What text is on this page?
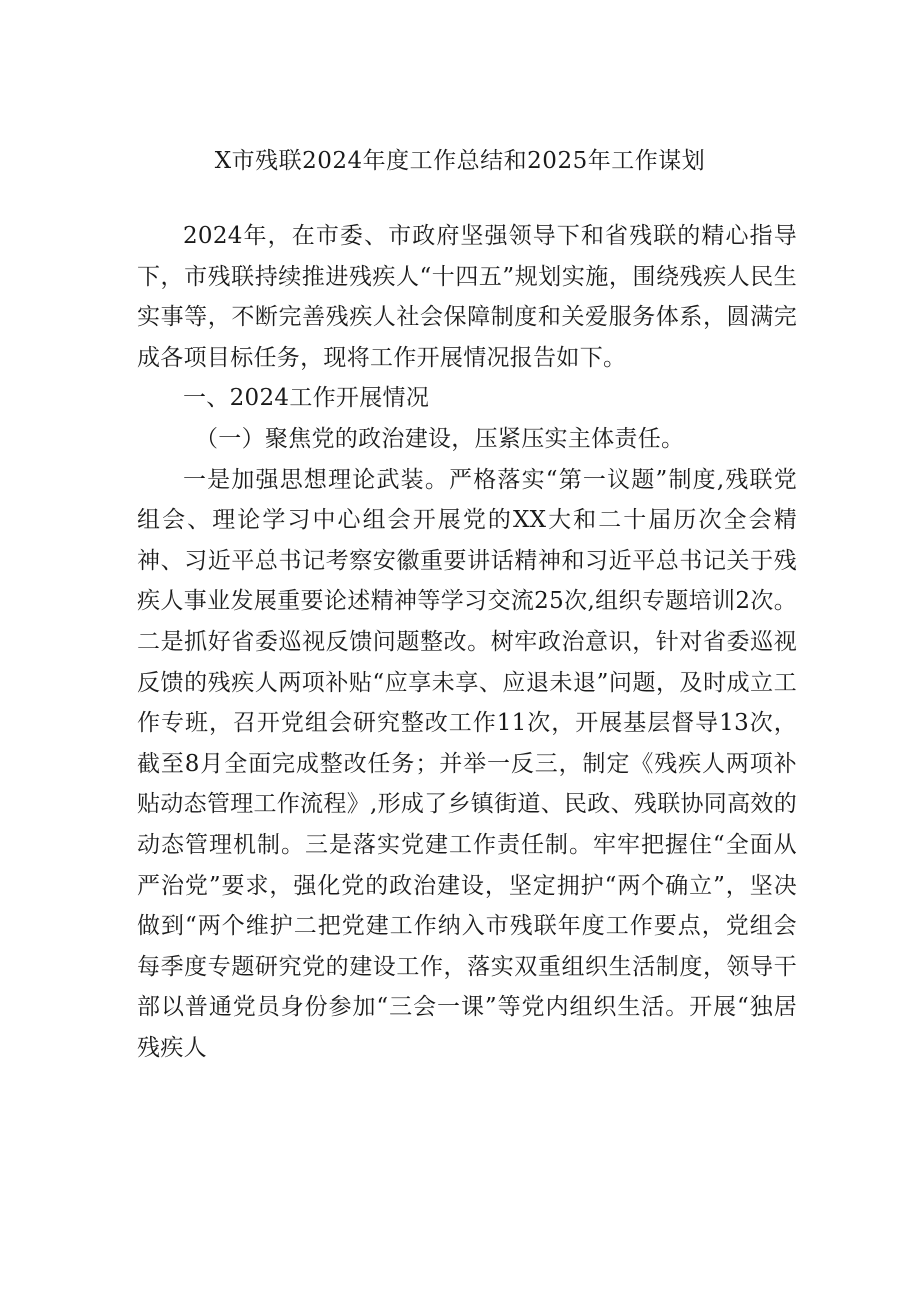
X市残联2024年度工作总结和2025年工作谋划

2024年，在市委、市政府坚强领导下和省残联的精心指导下，市残联持续推进残疾人“十四五”规划实施，围绕残疾人民生实事等，不断完善残疾人社会保障制度和关爱服务体系，圆满完成各项目标任务，现将工作开展情况报告如下。

一、2024工作开展情况

（一）聚焦党的政治建设，压紧压实主体责任。

一是加强思想理论武装。严格落实“第一议题”制度,残联党组会、理论学习中心组会开展党的XX大和二十届历次全会精神、习近平总书记考察安徽重要讲话精神和习近平总书记关于残疾人事业发展重要论述精神等学习交流25次,组织专题培训2次。二是抓好省委巡视反馈问题整改。树牢政治意识，针对省委巡视反馈的残疾人两项补贴“应享未享、应退未退”问题，及时成立工作专班，召开党组会研究整改工作11次，开展基层督导13次，截至8月全面完成整改任务；并举一反三，制定《残疾人两项补贴动态管理工作流程》,形成了乡镇街道、民政、残联协同高效的动态管理机制。三是落实党建工作责任制。牢牢把握住“全面从严治党”要求，强化党的政治建设，坚定拥护“两个确立”，坚决做到“两个维护二把党建工作纳入市残联年度工作要点，党组会每季度专题研究党的建设工作，落实双重组织生活制度，领导干部以普通党员身份参加“三会一课”等党内组织生活。开展“独居残疾人
